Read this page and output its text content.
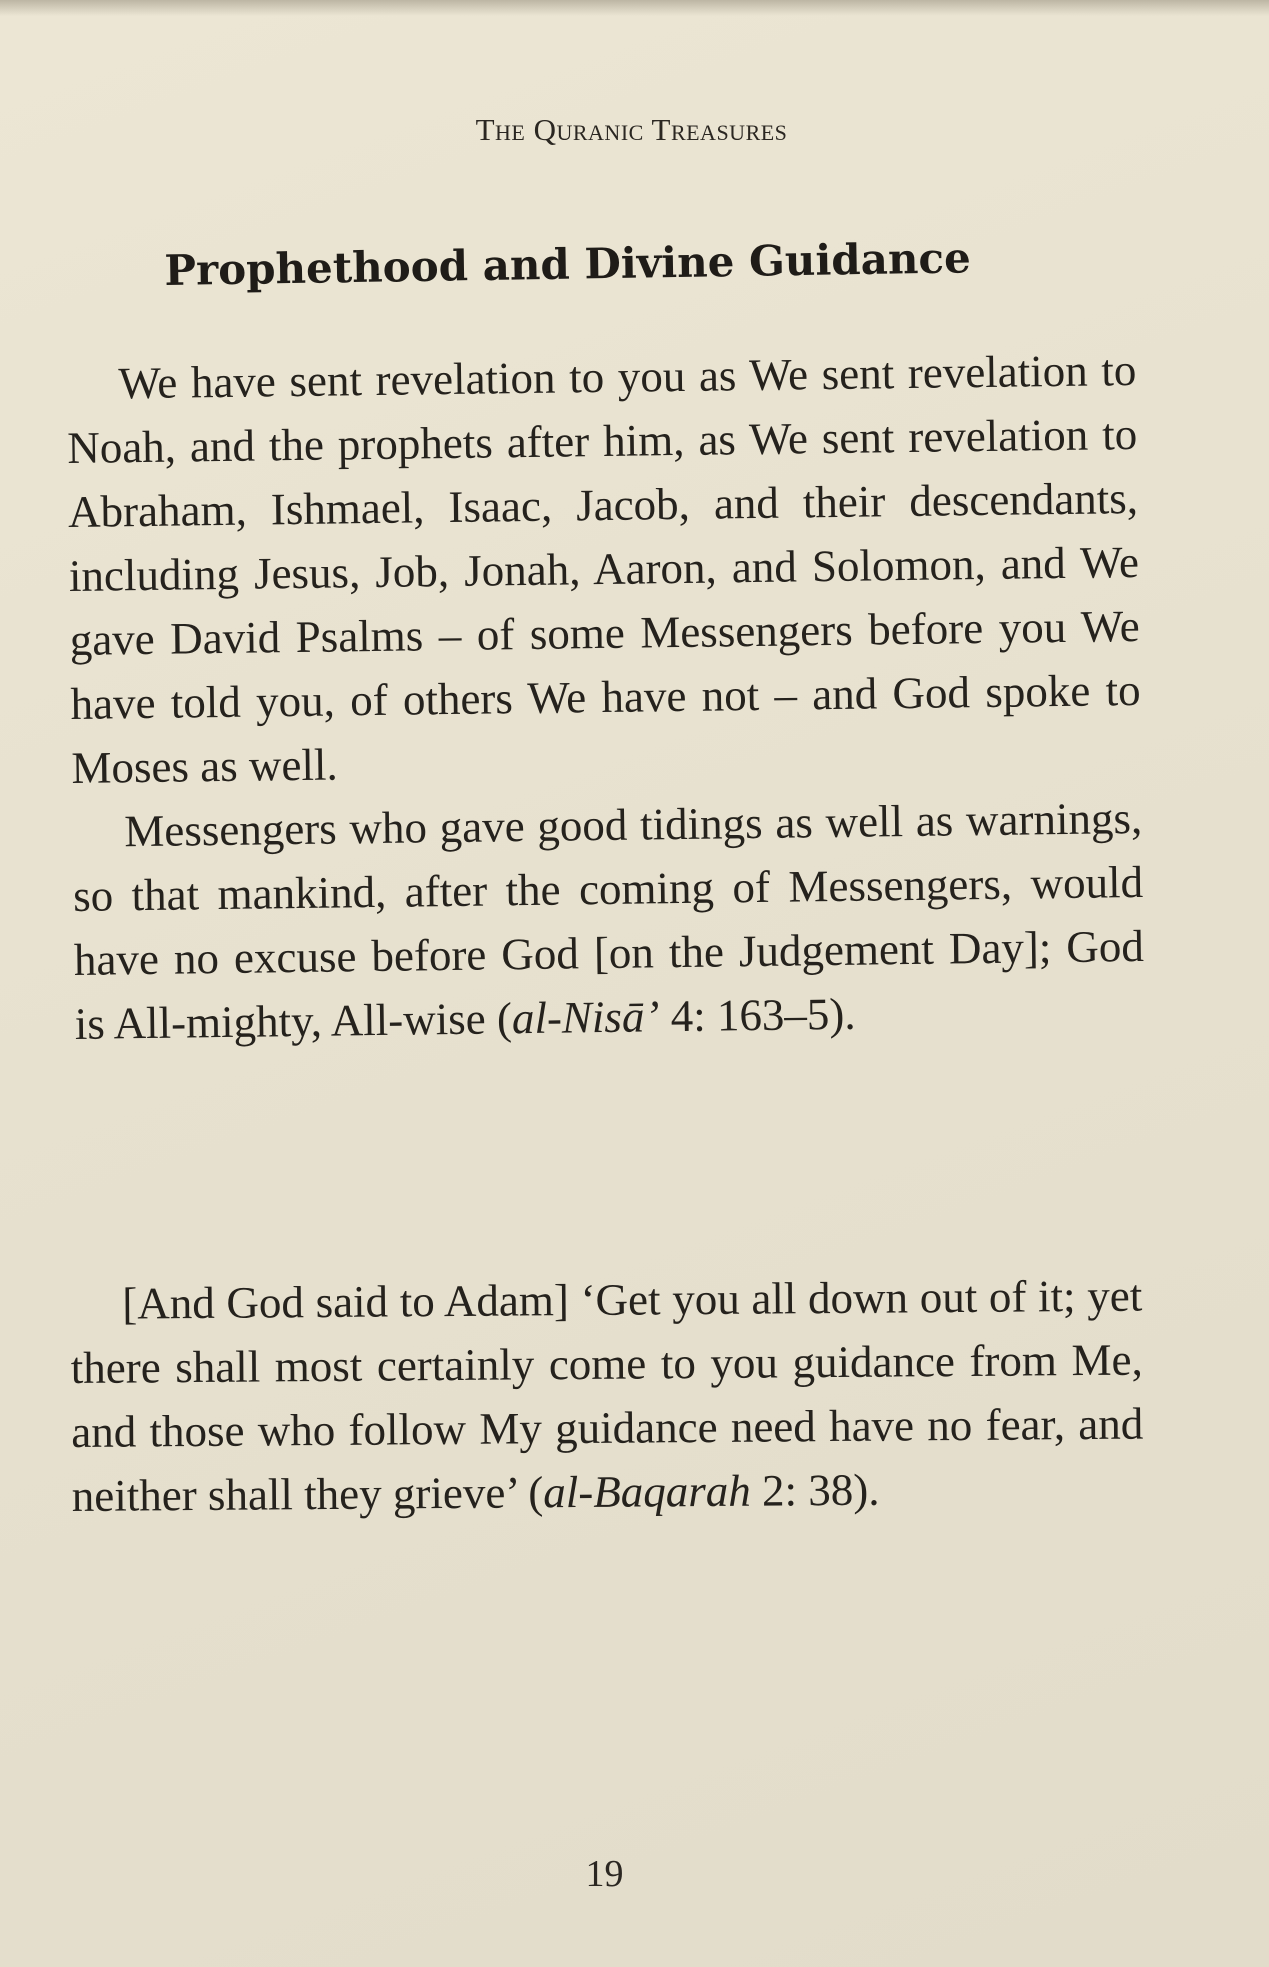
The Quranic Treasures
Prophethood and Divine Guidance

We have sent revelation to you as We sent revelation to Noah, and the prophets after him, as We sent revelation to Abraham, Ishmael, Isaac, Jacob, and their descendants, including Jesus, Job, Jonah, Aaron, and Solomon, and We gave David Psalms – of some Messengers before you We have told you, of others We have not – and God spoke to Moses as well.

Messengers who gave good tidings as well as warnings, so that mankind, after the coming of Messengers, would have no excuse before God [on the Judgement Day]; God is All-mighty, All-wise (al-Nisā’ 4: 163–5).

[And God said to Adam] ‘Get you all down out of it; yet there shall most certainly come to you guidance from Me, and those who follow My guidance need have no fear, and neither shall they grieve’ (al-Baqarah 2: 38).

19
